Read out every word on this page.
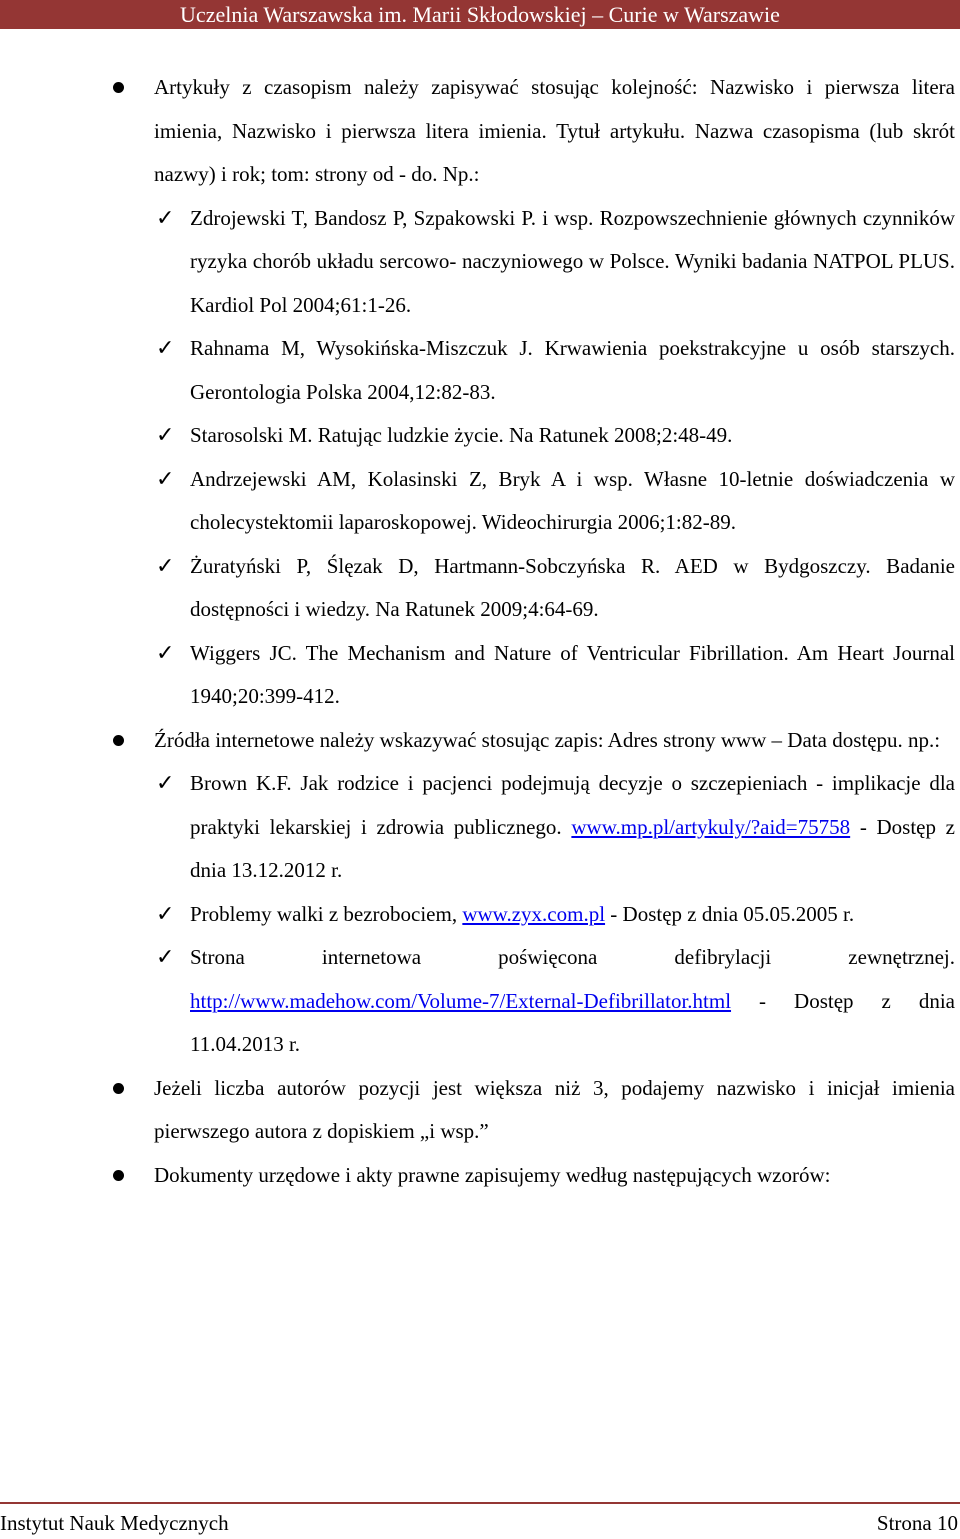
Uczelnia Warszawska im. Marii Skłodowskiej – Curie w Warszawie
Artykuły z czasopism należy zapisywać stosując kolejność: Nazwisko i pierwsza litera imienia, Nazwisko i pierwsza litera imienia. Tytuł artykułu. Nazwa czasopisma (lub skrót nazwy) i rok; tom: strony od - do. Np.:
✓ Zdrojewski T, Bandosz P, Szpakowski P. i wsp. Rozpowszechnienie głównych czynników ryzyka chorób układu sercowo- naczyniowego w Polsce. Wyniki badania NATPOL PLUS. Kardiol Pol 2004;61:1-26.
✓ Rahnama M, Wysokińska-Miszczuk J. Krwawienia poekstrakcyjne u osób starszych. Gerontologia Polska 2004,12:82-83.
✓ Starosolski M. Ratując ludzkie życie. Na Ratunek 2008;2:48-49.
✓ Andrzejewski AM, Kolasinski Z, Bryk A i wsp. Własne 10-letnie doświadczenia w cholecystektomii laparoskopowej. Wideochirurgia 2006;1:82-89.
✓ Żuratyński P, Ślęzak D, Hartmann-Sobczyńska R. AED w Bydgoszczy. Badanie dostępności i wiedzy. Na Ratunek 2009;4:64-69.
✓ Wiggers JC. The Mechanism and Nature of Ventricular Fibrillation. Am Heart Journal 1940;20:399-412.
Źródła internetowe należy wskazywać stosując zapis: Adres strony www – Data dostępu. np.:
✓ Brown K.F. Jak rodzice i pacjenci podejmują decyzje o szczepieniach - implikacje dla praktyki lekarskiej i zdrowia publicznego. www.mp.pl/artykuly/?aid=75758 - Dostęp z dnia 13.12.2012 r.
✓ Problemy walki z bezrobociem, www.zyx.com.pl - Dostęp z dnia 05.05.2005 r.
✓ Strona internetowa poświęcona defibrylacji zewnętrznej. http://www.madehow.com/Volume-7/External-Defibrillator.html - Dostęp z dnia 11.04.2013 r.
Jeżeli liczba autorów pozycji jest większa niż 3, podajemy nazwisko i inicjał imienia pierwszego autora z dopiskiem „i wsp.”
Dokumenty urzędowe i akty prawne zapisujemy według następujących wzorów:
Instytut Nauk Medycznych	Strona 10
